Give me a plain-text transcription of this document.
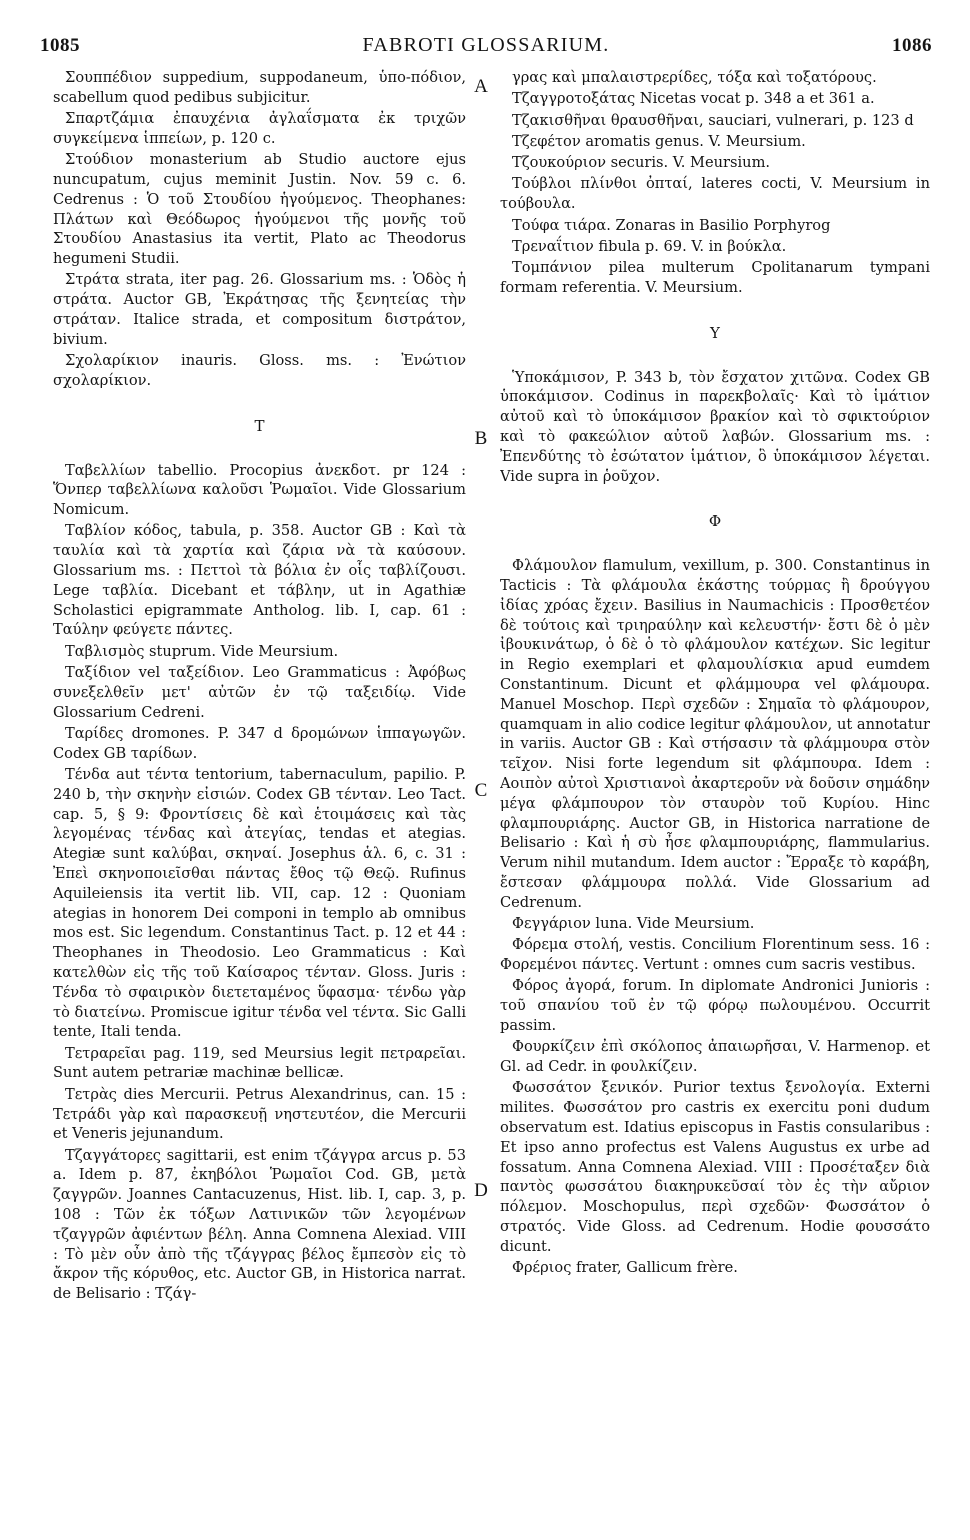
1085	FABROTI GLOSSARIUM.	1086

Σουππέδιον suppedium, suppodaneum, ὑπο-πόδιον, scabellum quod pedibus subjicitur.

Σπαρτζάμια ἐπαυχένια ἀγλαΐσματα ἐκ τριχῶν συγκείμενα ἱππείων, p. 120 c.

Στούδιον monasterium ab Studio auctore ejus nuncupatum, cujus meminit Justin. Nov. 59 c. 6. Cedrenus : Ὁ τοῦ Στουδίου ἡγούμενος. Theophanes: Πλάτων καὶ Θεόδωρος ἡγούμενοι τῆς μονῆς τοῦ Στουδίου Anastasius ita vertit, Plato ac Theodorus hegumeni Studii.

Στράτα strata, iter pag. 26. Glossarium ms. : Ὁδὸς ἡ στράτα. Auctor GB, Ἐκράτησας τῆς ξενητείας τὴν στράταν. Italice strada, et compositum διστράτον, bivium.

Σχολαρίκιον inauris. Gloss. ms. : Ἐνώτιον σχολαρίκιον.

T

Ταβελλίων tabellio. Procopius ἀνεκδοτ. pr 124 : Ὅνπερ ταβελλίωνα καλοῦσι Ῥωμαῖοι. Vide Glossarium Nomicum.

Ταβλίον κόδος, tabula, p. 358. Auctor GB : Καὶ τὰ ταυλία καὶ τὰ χαρτία καὶ ζάρια νὰ τὰ καύσουν. Glossarium ms. : Πεττοὶ τὰ βόλια ἐν οἷς ταβλίζουσι. Lege ταβλία. Dicebant et τάβλην, ut in Agathiæ Scholastici epigrammate Antholog. lib. I, cap. 61 : Ταύλην φεύγετε πάντες.

Ταβλισμὸς stuprum. Vide Meursium.

Ταξίδιον vel ταξείδιον. Leo Grammaticus : Ἀφόβως συνεξελθεῖν μετ' αὐτῶν ἐν τῷ ταξειδίῳ. Vide Glossarium Cedreni.

Ταρίδες dromones. P. 347 d δρομώνων ἱππαγωγῶν. Codex GB ταρίδων.

Τένδα aut τέντα tentorium, tabernaculum, papilio. P. 240 b, τὴν σκηνὴν εἰσιών. Codex GB τένταν. Leo Tact. cap. 5, § 9: Φροντίσεις δὲ καὶ ἑτοιμάσεις καὶ τὰς λεγομένας τένδας καὶ ἀτεγίας, tendas et ategias. Ategiæ sunt καλύβαι, σκηναί. Josephus ἁλ. 6, c. 31 : Ἐπεὶ σκηνοποιεῖσθαι πάντας ἔθος τῷ Θεῷ. Rufinus Aquileiensis ita vertit lib. VII, cap. 12 : Quoniam ategias in honorem Dei componi in templo ab omnibus mos est. Sic legendum. Constantinus Tact. p. 12 et 44 : Theophanes in Theodosio. Leo Grammaticus : Καὶ κατελθὼν εἰς τῆς τοῦ Καίσαρος τένταν. Gloss. Juris : Τένδα τὸ σφαιρικὸν διετεταμένος ὕφασμα· τένδω γὰρ τὸ διατείνω. Promiscue igitur τένδα vel τέντα. Sic Galli tente, Itali tenda.

Τετραρεῖαι pag. 119, sed Meursius legit πετραρεῖαι. Sunt autem petrariæ machinæ bellicæ.

Τετρὰς dies Mercurii. Petrus Alexandrinus, can. 15 : Τετράδι γὰρ καὶ παρασκευῇ νηστευτέον, die Mercurii et Veneris jejunandum.

Τζαγγάτορες sagittarii, est enim τζάγγρα arcus p. 53 a. Idem p. 87, ἐκηβόλοι Ῥωμαῖοι Cod. GB, μετὰ ζαγγρῶν. Joannes Cantacuzenus, Hist. lib. I, cap. 3, p. 108 : Τῶν ἐκ τόξων Λατινικῶν τῶν λεγομένων τζαγγρῶν ἀφιέντων βέλη. Anna Comnena Alexiad. VIII : Τὸ μὲν οὖν ἀπὸ τῆς τζάγγρας βέλος ἔμπεσὸν εἰς τὸ ἄκρον τῆς κόρυθος, etc. Auctor GB, in Historica narrat. de Belisario : Τζάγ-

γρας καὶ μπαλαιστρερίδες, τόξα καὶ τοξατόρους.

Τζαγγροτοξάτας Nicetas vocat p. 348 a et 361 a.

Τζακισθῆναι θραυσθῆναι, sauciari, vulnerari, p. 123 d

Τζεφέτον aromatis genus. V. Meursium.

Τζουκούριον securis. V. Meursium.

Τούβλοι πλίνθοι ὀπταί, lateres cocti, V. Meursium in τούβουλα.

Τούφα τιάρα. Zonaras in Basilio Porphyrog

Τρεναΐτιον fibula p. 69. V. in βούκλα.

Τομπάνιον pilea multerum Cpolitanarum tympani formam referentia. V. Meursium.

Υ

Ὑποκάμισον, P. 343 b, τὸν ἔσχατον χιτῶνα. Codex GB ὑποκάμισον. Codinus in παρεκβολαῖς· Καὶ τὸ ἱμάτιον αὐτοῦ καὶ τὸ ὑποκάμισον βρακίον καὶ τὸ σφικτούριον καὶ τὸ φακεώλιον αὐτοῦ λαβών. Glossarium ms. : Ἐπενδύτης τὸ ἐσώτατον ἱμάτιον, ὃ ὑποκάμισον λέγεται. Vide supra in ῥοῦχον.

Φ

Φλάμουλον flamulum, vexillum, p. 300. Constantinus in Tacticis : Τὰ φλάμουλα ἑκάστης τούρμας ἢ δρούγγου ἰδίας χρόας ἔχειν. Basilius in Naumachicis : Προσθετέον δὲ τούτοις καὶ τριηραύλην καὶ κελευστήν· ἔστι δὲ ὁ μὲν ἰβουκινάτωρ, ὁ δὲ ὁ τὸ φλάμουλον κατέχων. Sic legitur in Regio exemplari et φλαμουλίσκια apud eumdem Constantinum. Dicunt et φλάμμουρα vel φλάμουρα. Manuel Moschop. Περὶ σχεδῶν : Σημαῖα τὸ φλάμουρον, quamquam in alio codice legitur φλάμουλον, ut annotatur in variis. Auctor GB : Καὶ στήσασιν τὰ φλάμμουρα στὸν τεῖχον. Nisi forte legendum sit φλάμπουρα. Idem : Αοιπὸν αὐτοὶ Χριστιανοὶ ἀκαρτεροῦν νὰ δοῦσιν σημάδην μέγα φλάμπουρον τὸν σταυρὸν τοῦ Κυρίου. Hinc φλαμπουριάρης. Auctor GB, in Historica narratione de Belisario : Καὶ ἡ σὺ ἦσε φλαμπουριάρης, flammularius. Verum nihil mutandum. Idem auctor : Ἔρραξε τὸ καράβη, ἔστεσαν φλάμμουρα πολλά. Vide Glossarium ad Cedrenum.

Φεγγάριον luna. Vide Meursium.

Φόρεμα στολή, vestis. Concilium Florentinum sess. 16 : Φορεμένοι πάντες. Vertunt : omnes cum sacris vestibus.

Φόρος ἀγορά, forum. In diplomate Andronici Junioris : τοῦ σπανίου τοῦ ἐν τῷ φόρῳ πωλουμένου. Occurrit passim.

Φουρκίζειν ἐπὶ σκόλοπος ἀπαιωρῆσαι, V. Harmenop. et Gl. ad Cedr. in φουλκίζειν.

Φωσσάτον ξενικόν. Purior textus ξενολογία. Externi milites. Φωσσάτον pro castris ex exercitu poni dudum observatum est. Idatius episcopus in Fastis consularibus : Et ipso anno profectus est Valens Augustus ex urbe ad fossatum. Anna Comnena Alexiad. VIII : Προσέταξεν διὰ παντὸς φωσσάτου διακηρυκεῦσαί τὸν ἐς τὴν αὔριον πόλεμον. Moschopulus, περὶ σχεδῶν· Φωσσάτον ὁ στρατός. Vide Gloss. ad Cedrenum. Hodie φουσσάτο dicunt.

Φρέριος frater, Gallicum frère.

A
B
C
D
